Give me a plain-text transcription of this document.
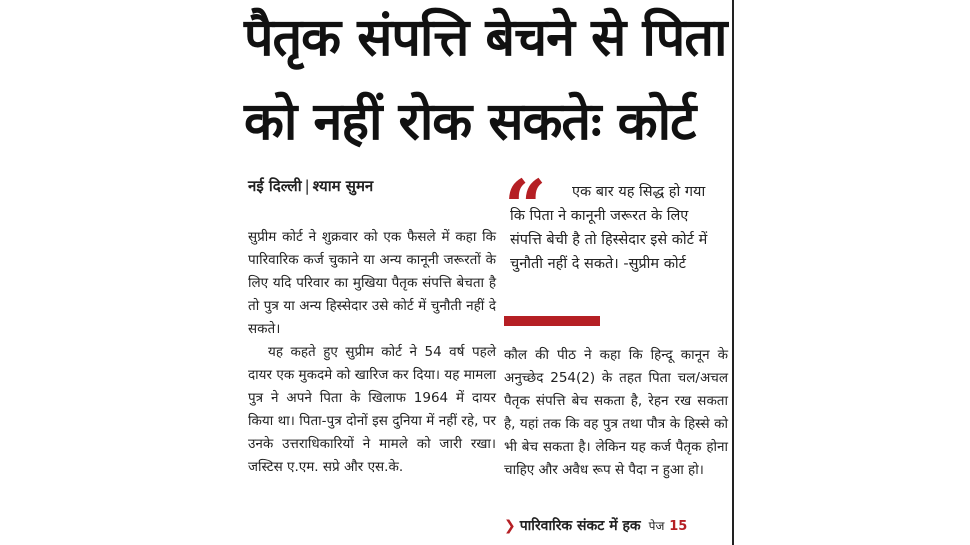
पैतृक संपत्ति बेचने से पिता
को नहीं रोक सकतेः कोर्ट
नई दिल्ली | श्याम सुमन

सुप्रीम कोर्ट ने शुक्रवार को एक फैसले में कहा कि पारिवारिक कर्ज चुकाने या अन्य कानूनी जरूरतों के लिए यदि परिवार का मुखिया पैतृक संपत्ति बेचता है तो पुत्र या अन्य हिस्सेदार उसे कोर्ट में चुनौती नहीं दे सकते।

यह कहते हुए सुप्रीम कोर्ट ने 54 वर्ष पहले दायर एक मुकदमे को खारिज कर दिया। यह मामला पुत्र ने अपने पिता के खिलाफ 1964 में दायर किया था। पिता-पुत्र दोनों इस दुनिया में नहीं रहे, पर उनके उत्तराधिकारियों ने मामले को जारी रखा। जस्टिस ए.एम. सप्रे और एस.के.

“	एक बार यह सिद्ध हो गया कि पिता ने कानूनी जरूरत के लिए संपत्ति बेची है तो हिस्सेदार इसे कोर्ट में चुनौती नहीं दे सकते। -सुप्रीम कोर्ट

कौल की पीठ ने कहा कि हिन्दू कानून के अनुच्छेद 254(2) के तहत पिता चल/अचल पैतृक संपत्ति बेच सकता है, रेहन रख सकता है, यहां तक कि वह पुत्र तथा पौत्र के हिस्से को भी बेच सकता है। लेकिन यह कर्ज पैतृक होना चाहिए और अवैध रूप से पैदा न हुआ हो।

❯ पारिवारिक संकट में हक पेज 15
